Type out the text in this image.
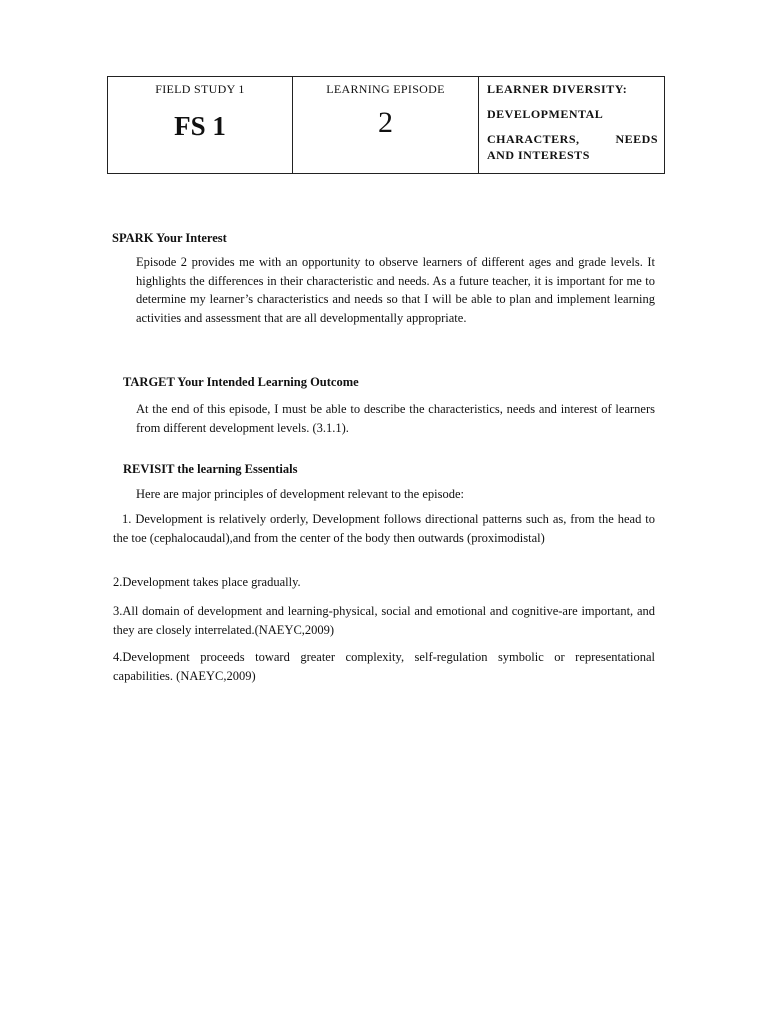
FIELD STUDY 1
FS 1

LEARNING EPISODE
2

LEARNER DIVERSITY:
DEVELOPMENTAL
CHARACTERS, NEEDS
AND INTERESTS
SPARK Your Interest
Episode 2 provides me with an opportunity to observe learners of different ages and grade levels. It highlights the differences in their characteristic and needs. As a future teacher, it is important for me to determine my learner’s characteristics and needs so that I will be able to plan and implement learning activities and assessment that are all developmentally appropriate.
TARGET Your Intended Learning Outcome
At the end of this episode, I must be able to describe the characteristics, needs and interest of learners from different development levels. (3.1.1).
REVISIT the learning Essentials
Here are major principles of development relevant to the episode:
1. Development is relatively orderly, Development follows directional patterns such as, from the head to the toe (cephalocaudal),and from the center of the body then outwards (proximodistal)
2.Development takes place gradually.
3.All domain of development and learning-physical, social and emotional and cognitive-are important, and they are closely interrelated.(NAEYC,2009)
4.Development proceeds toward greater complexity, self-regulation symbolic or representational capabilities. (NAEYC,2009)
